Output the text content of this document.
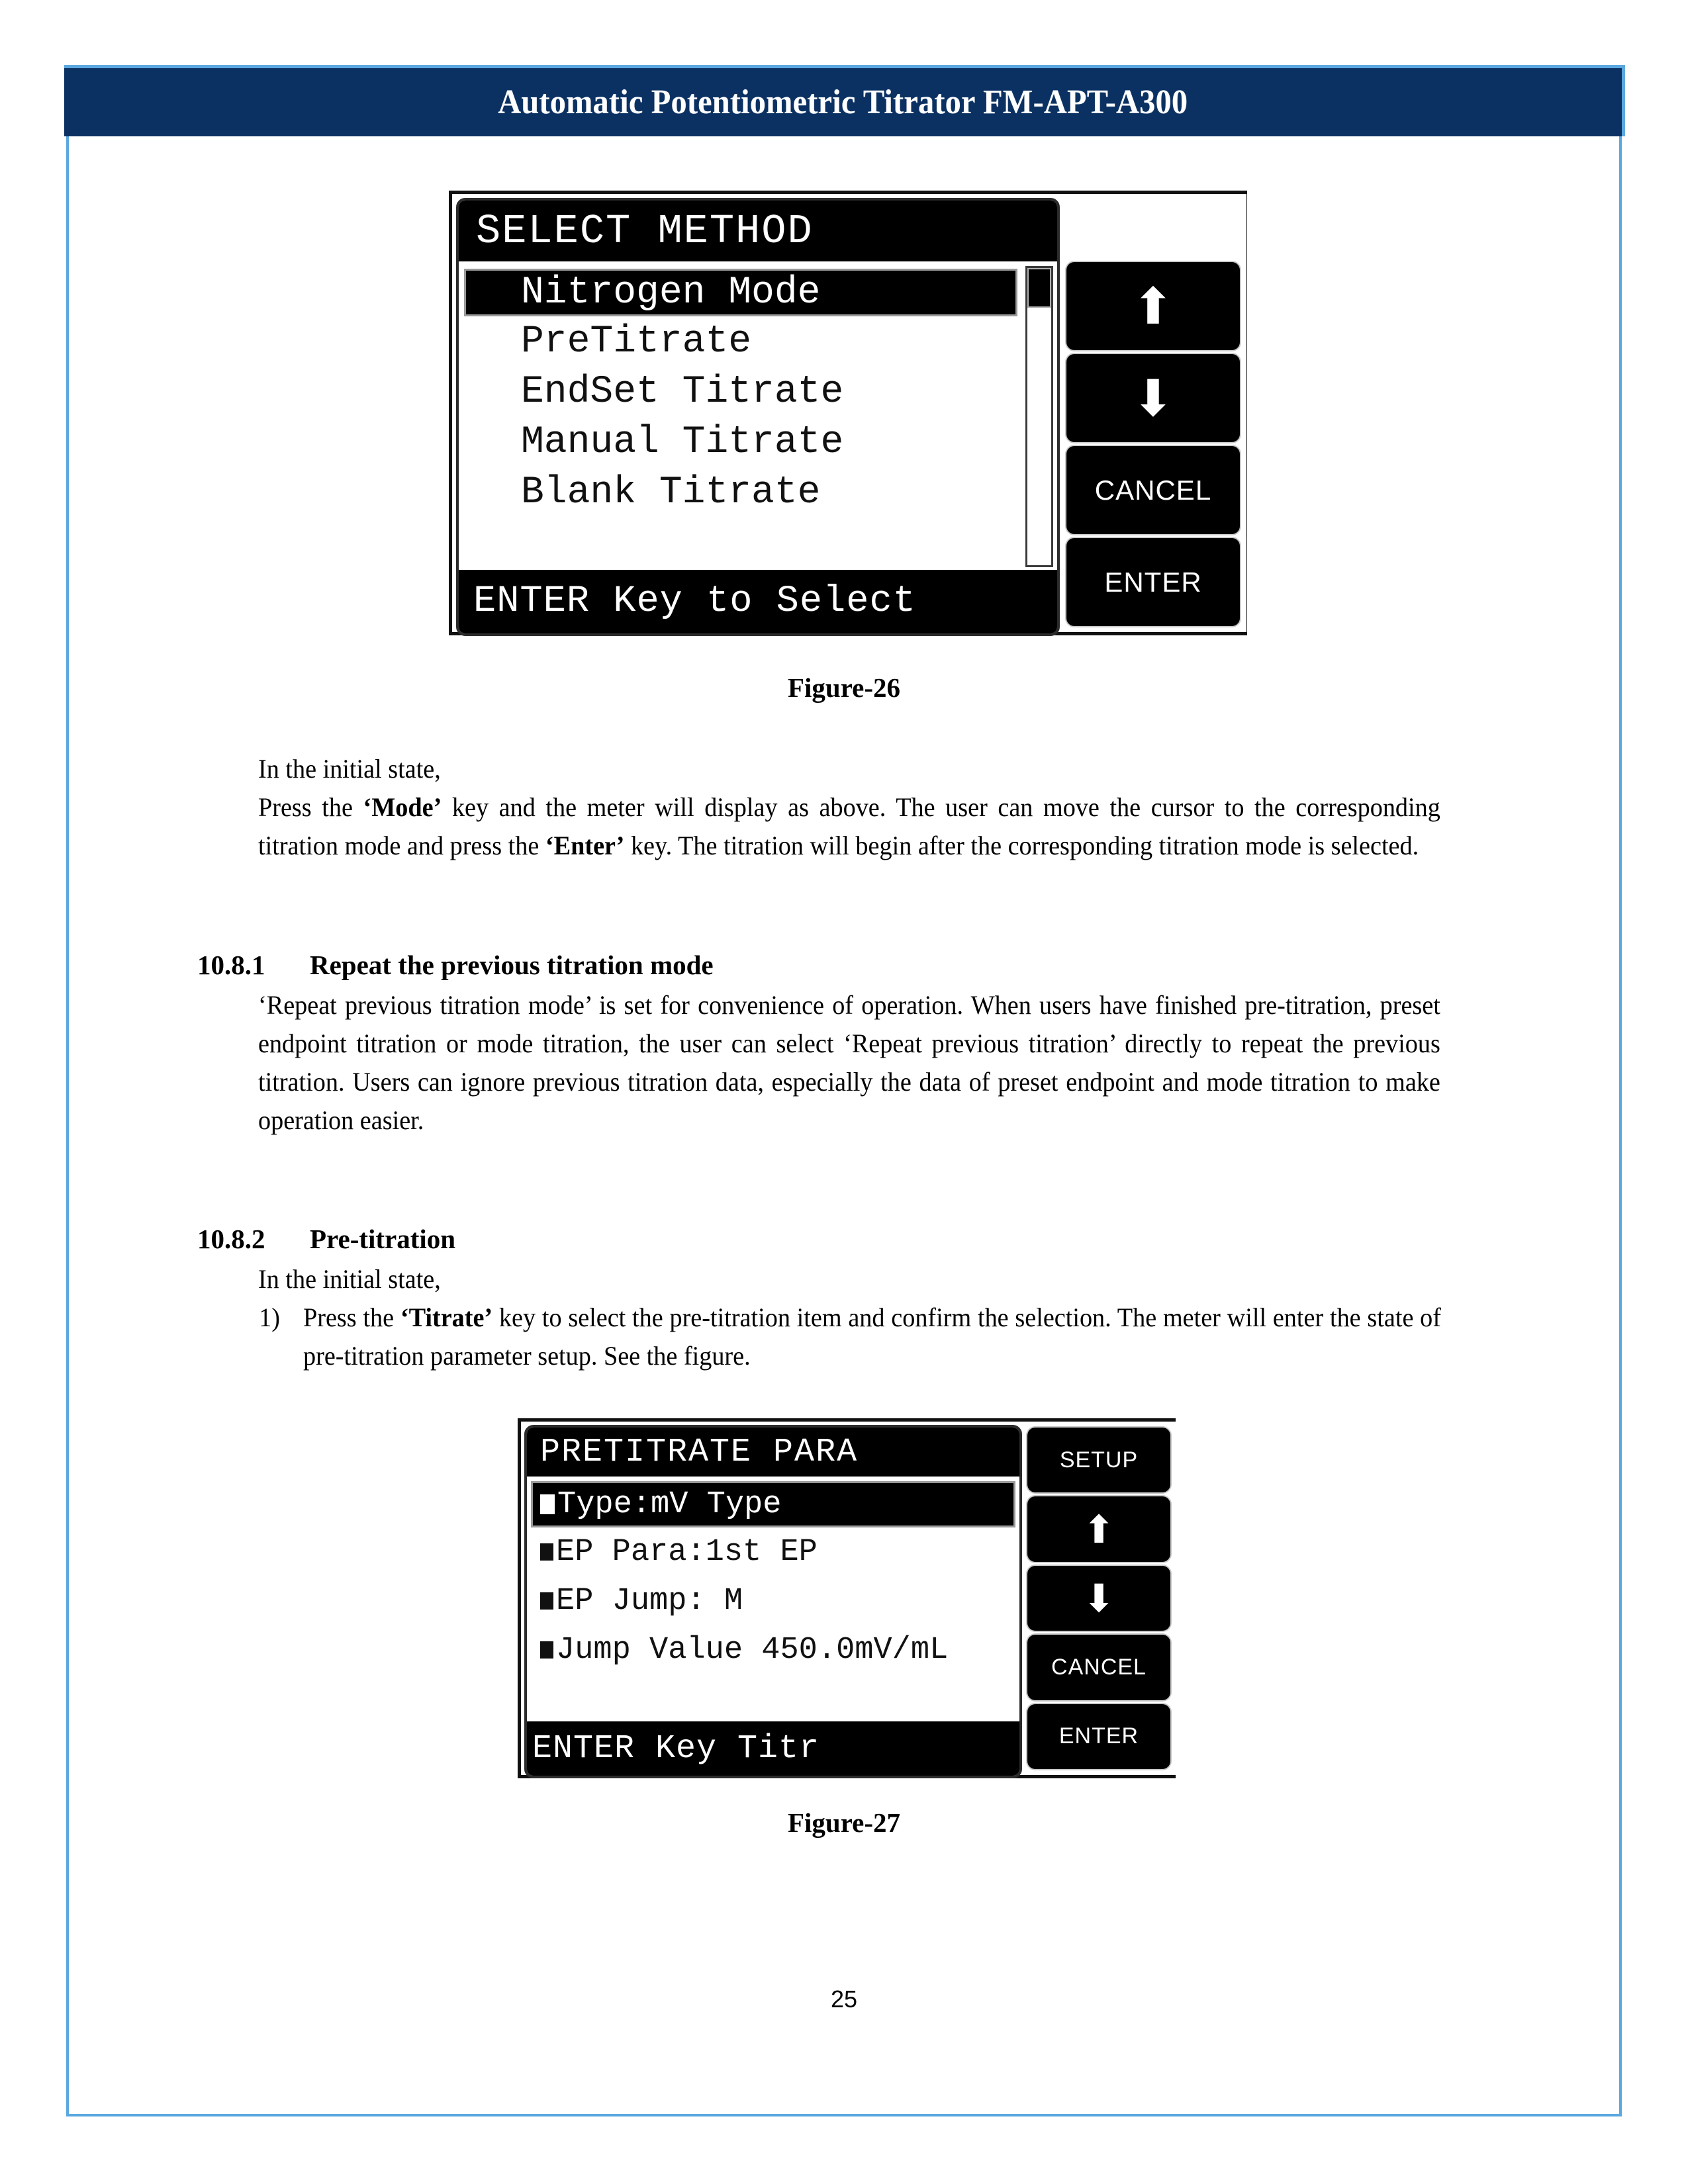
Automatic Potentiometric Titrator FM-APT-A300
SELECT METHOD
Nitrogen Mode
PreTitrate
EndSet Titrate
Manual Titrate
Blank Titrate
ENTER Key to Select
⬆
⬇
CANCEL
ENTER
Figure-26
In the initial state,
Press the ‘Mode’ key and the meter will display as above. The user can move the cursor to the corresponding titration mode and press the ‘Enter’ key. The titration will begin after the corresponding titration mode is selected.
10.8.1 Repeat the previous titration mode
‘Repeat previous titration mode’ is set for convenience of operation. When users have finished pre-titration, preset endpoint titration or mode titration, the user can select ‘Repeat previous titration’ directly to repeat the previous titration. Users can ignore previous titration data, especially the data of preset endpoint and mode titration to make operation easier.
10.8.2 Pre-titration
In the initial state,
1) Press the ‘Titrate’ key to select the pre-titration item and confirm the selection. The meter will enter the state of pre-titration parameter setup. See the figure.
PRETITRATE PARA
Type:mV Type
EP Para:1st EP
EP Jump: M
Jump Value 450.0mV/mL
ENTER Key Titr
SETUP
⬆
⬇
CANCEL
ENTER
Figure-27
25
